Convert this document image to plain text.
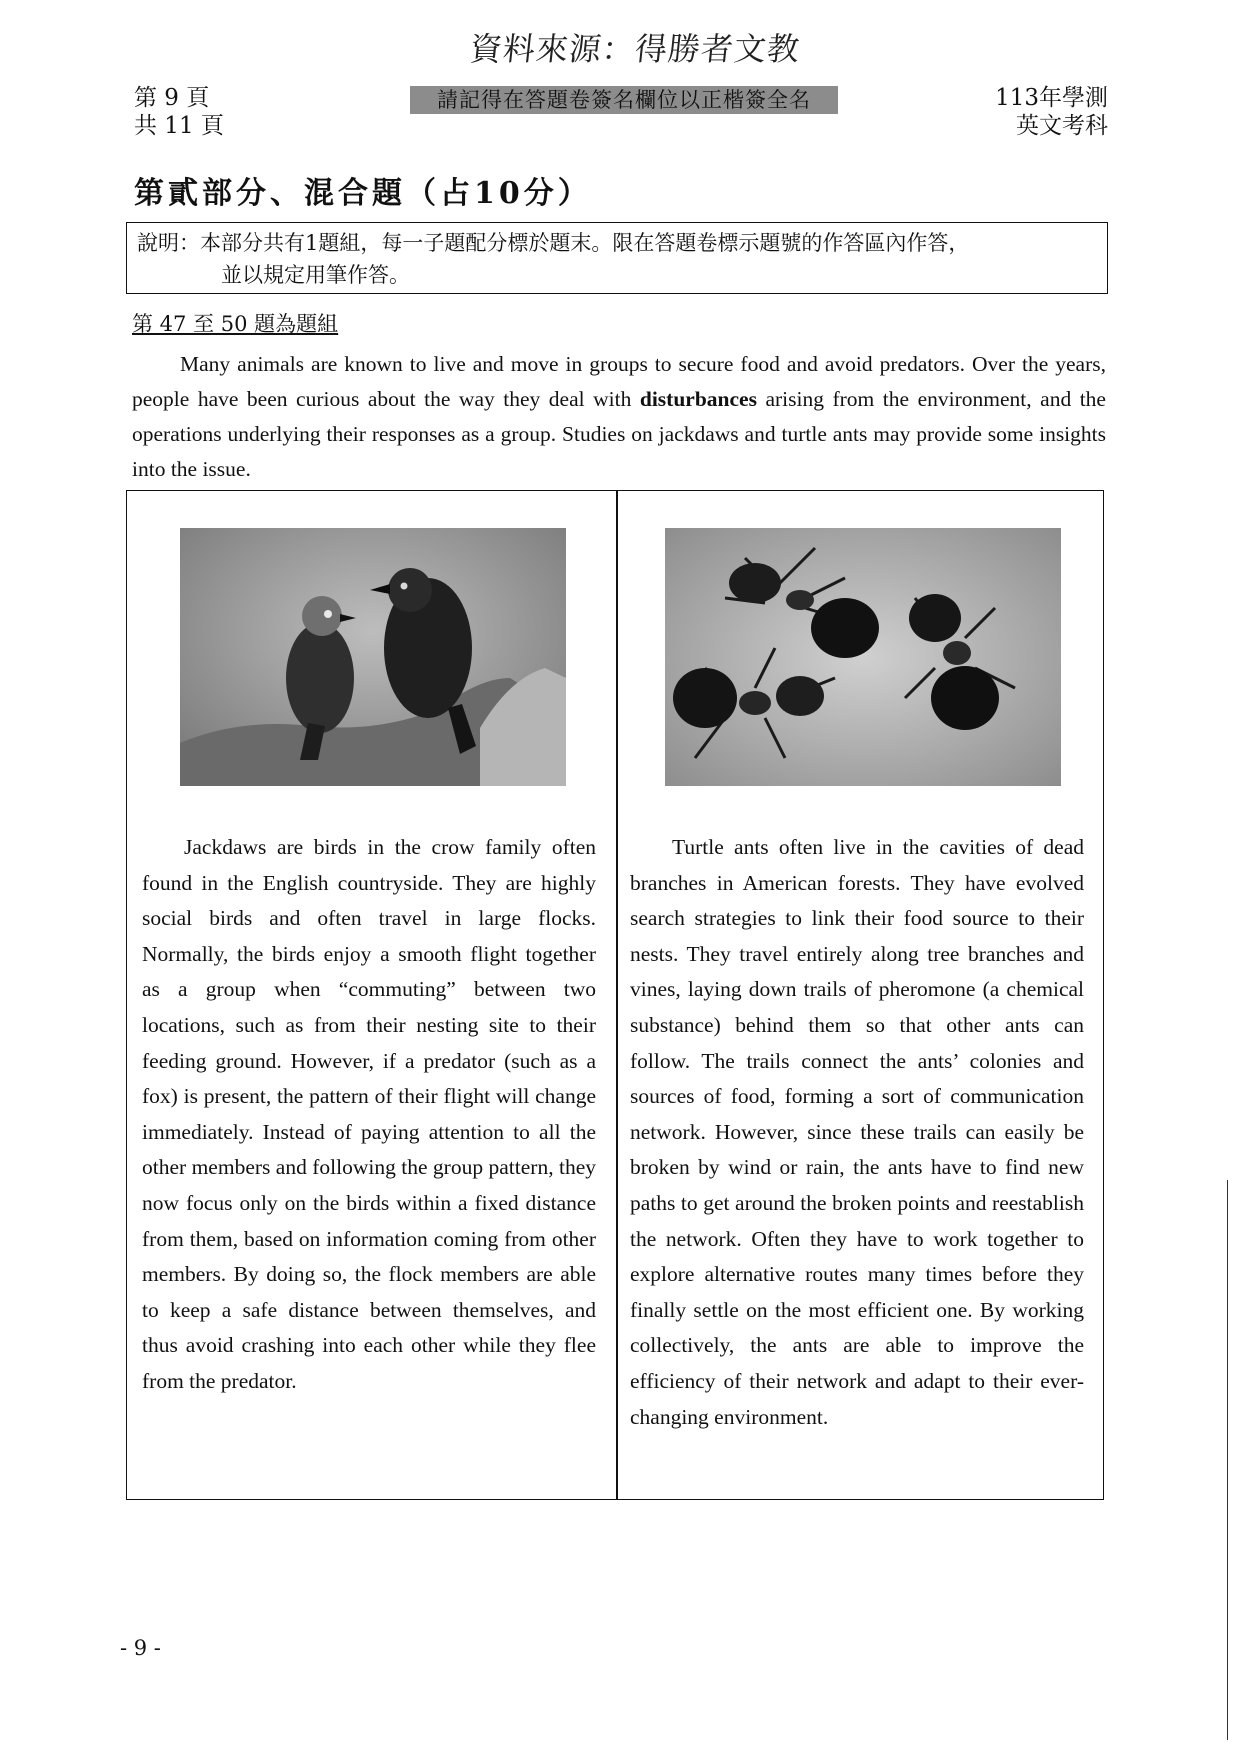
資料來源：得勝者文教
第 9 頁
共 11 頁
請記得在答題卷簽名欄位以正楷簽全名	113年學測
英文考科
第貳部分、混合題（占10分）
說明：本部分共有1題組，每一子題配分標於題末。限在答題卷標示題號的作答區內作答，
並以規定用筆作答。
第 47 至 50 題為題組
Many animals are known to live and move in groups to secure food and avoid predators. Over the years, people have been curious about the way they deal with disturbances arising from the environment, and the operations underlying their responses as a group. Studies on jackdaws and turtle ants may provide some insights into the issue.
Jackdaws are birds in the crow family often found in the English countryside. They are highly social birds and often travel in large flocks. Normally, the birds enjoy a smooth flight together as a group when “commuting” between two locations, such as from their nesting site to their feeding ground. However, if a predator (such as a fox) is present, the pattern of their flight will change immediately. Instead of paying attention to all the other members and following the group pattern, they now focus only on the birds within a fixed distance from them, based on information coming from other members. By doing so, the flock members are able to keep a safe distance between themselves, and thus avoid crashing into each other while they flee from the predator.
Turtle ants often live in the cavities of dead branches in American forests. They have evolved search strategies to link their food source to their nests. They travel entirely along tree branches and vines, laying down trails of pheromone (a chemical substance) behind them so that other ants can follow. The trails connect the ants’ colonies and sources of food, forming a sort of communication network. However, since these trails can easily be broken by wind or rain, the ants have to find new paths to get around the broken points and reestablish the network. Often they have to work together to explore alternative routes many times before they finally settle on the most efficient one. By working collectively, the ants are able to improve the efficiency of their network and adapt to their ever-changing environment.
- 9 -
